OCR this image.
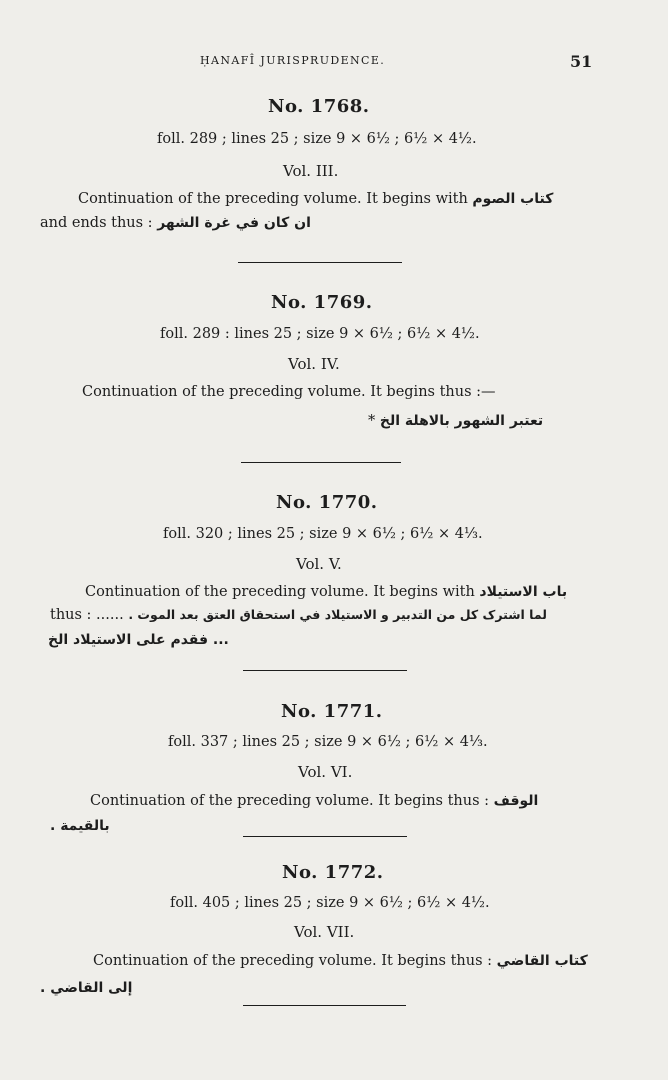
ḤANAFÎ JURISPRUDENCE.	51
No. 1768.
foll. 289 ; lines 25 ; size 9 × 6½ ; 6½ × 4½.
Vol. III.
Continuation of the preceding volume. It begins with كتاب الصوم
and ends thus : ان كان في غرة الشهر
No. 1769.
foll. 289 : lines 25 ; size 9 × 6½ ; 6½ × 4½.
Vol. IV.
Continuation of the preceding volume. It begins thus :—
* تعتبر الشهور بالاهلة الخ
No. 1770.
foll. 320 ; lines 25 ; size 9 × 6½ ; 6½ × 4⅓.
Vol. V.
Continuation of the preceding volume. It begins with باب الاستيلاد
thus : ...... لما اشترک کل من التدبير و الاستيلاد في استحقاق العتق بعد الموت .
... فقدم على الاستيلاد الخ
No. 1771.
foll. 337 ; lines 25 ; size 9 × 6½ ; 6½ × 4⅓.
Vol. VI.
Continuation of the preceding volume. It begins thus : الوقف
بالقيمة .
No. 1772.
foll. 405 ; lines 25 ; size 9 × 6½ ; 6½ × 4½.
Vol. VII.
Continuation of the preceding volume. It begins thus : كتاب القاضي
إلى القاضي .
